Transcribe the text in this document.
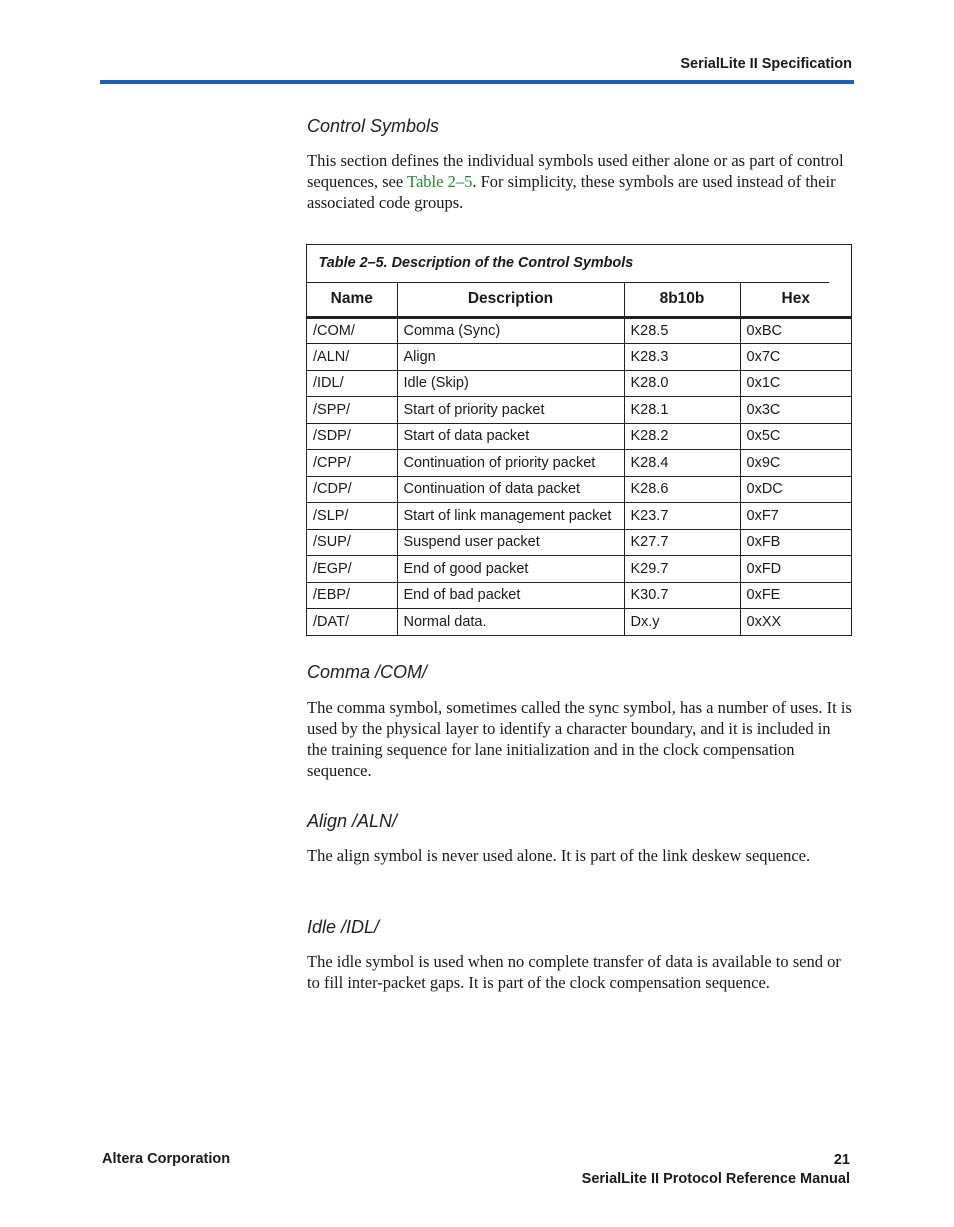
SerialLite II Specification
Control Symbols

This section defines the individual symbols used either alone or as part of control sequences, see Table 2–5. For simplicity, these symbols are used instead of their associated code groups.

Table 2–5. Description of the Control Symbols
Name	Description	8b10b	Hex
/COM/	Comma (Sync)	K28.5	0xBC
/ALN/	Align	K28.3	0x7C
/IDL/	Idle (Skip)	K28.0	0x1C
/SPP/	Start of priority packet	K28.1	0x3C
/SDP/	Start of data packet	K28.2	0x5C
/CPP/	Continuation of priority packet	K28.4	0x9C
/CDP/	Continuation of data packet	K28.6	0xDC
/SLP/	Start of link management packet	K23.7	0xF7
/SUP/	Suspend user packet	K27.7	0xFB
/EGP/	End of good packet	K29.7	0xFD
/EBP/	End of bad packet	K30.7	0xFE
/DAT/	Normal data.	Dx.y	0xXX
Comma /COM/

The comma symbol, sometimes called the sync symbol, has a number of uses. It is used by the physical layer to identify a character boundary, and it is included in the training sequence for lane initialization and in the clock compensation sequence.

Align /ALN/

The align symbol is never used alone. It is part of the link deskew sequence.

Idle /IDL/

The idle symbol is used when no complete transfer of data is available to send or to fill inter-packet gaps. It is part of the clock compensation sequence.

Altera Corporation	21
SerialLite II Protocol Reference Manual
